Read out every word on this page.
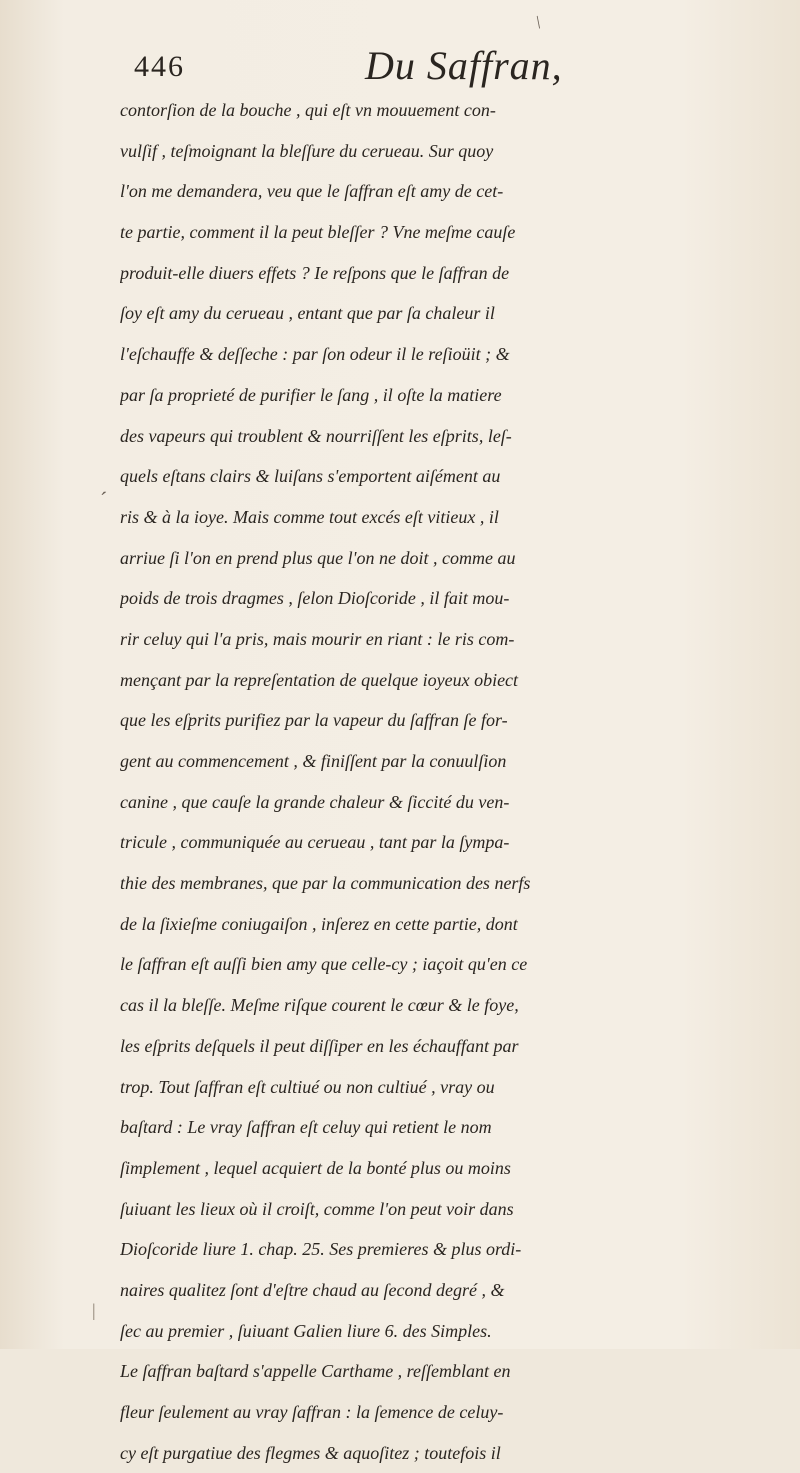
/
446	Du Saffran,
´
contorſion de la bouche , qui eſt vn mouuement con-
vulſif , teſmoignant la bleſſure du cerueau. Sur quoy
l'on me demandera, veu que le ſaffran eſt amy de cet-
te partie, comment il la peut bleſſer ? Vne meſme cauſe
produit-elle diuers effets ? Ie reſpons que le ſaffran de
ſoy eſt amy du cerueau , entant que par ſa chaleur il
l'eſchauffe & deſſeche : par ſon odeur il le reſioüit ; &
par ſa proprieté de purifier le ſang , il oſte la matiere
des vapeurs qui troublent & nourriſſent les eſprits, leſ-
quels eſtans clairs & luiſans s'emportent aiſément au
ris & à la ioye. Mais comme tout excés eſt vitieux , il
arriue ſi l'on en prend plus que l'on ne doit , comme au
poids de trois dragmes , ſelon Dioſcoride , il fait mou-
rir celuy qui l'a pris, mais mourir en riant : le ris com-
mençant par la repreſentation de quelque ioyeux obiect
que les eſprits purifiez par la vapeur du ſaffran ſe for-
gent au commencement , & finiſſent par la conuulſion
canine , que cauſe la grande chaleur & ſiccité du ven-
tricule , communiquée au cerueau , tant par la ſympa-
thie des membranes, que par la communication des nerfs
de la ſixieſme coniugaiſon , inſerez en cette partie, dont
le ſaffran eſt auſſi bien amy que celle-cy ; iaçoit qu'en ce
cas il la bleſſe. Meſme riſque courent le cœur & le foye,
les eſprits deſquels il peut diſſiper en les échauffant par
trop. Tout ſaffran eſt cultiué ou non cultiué , vray ou
baſtard : Le vray ſaffran eſt celuy qui retient le nom
ſimplement , lequel acquiert de la bonté plus ou moins
ſuiuant les lieux où il croiſt, comme l'on peut voir dans
Dioſcoride liure 1. chap. 25. Ses premieres & plus ordi-
naires qualitez ſont d'eſtre chaud au ſecond degré , &
ſec au premier , ſuiuant Galien liure 6. des Simples.
Le ſaffran baſtard s'appelle Carthame , reſſemblant en
fleur ſeulement au vray ſaffran : la ſemence de celuy-
cy eſt purgatiue des flegmes & aquoſitez ; toutefois il
|
